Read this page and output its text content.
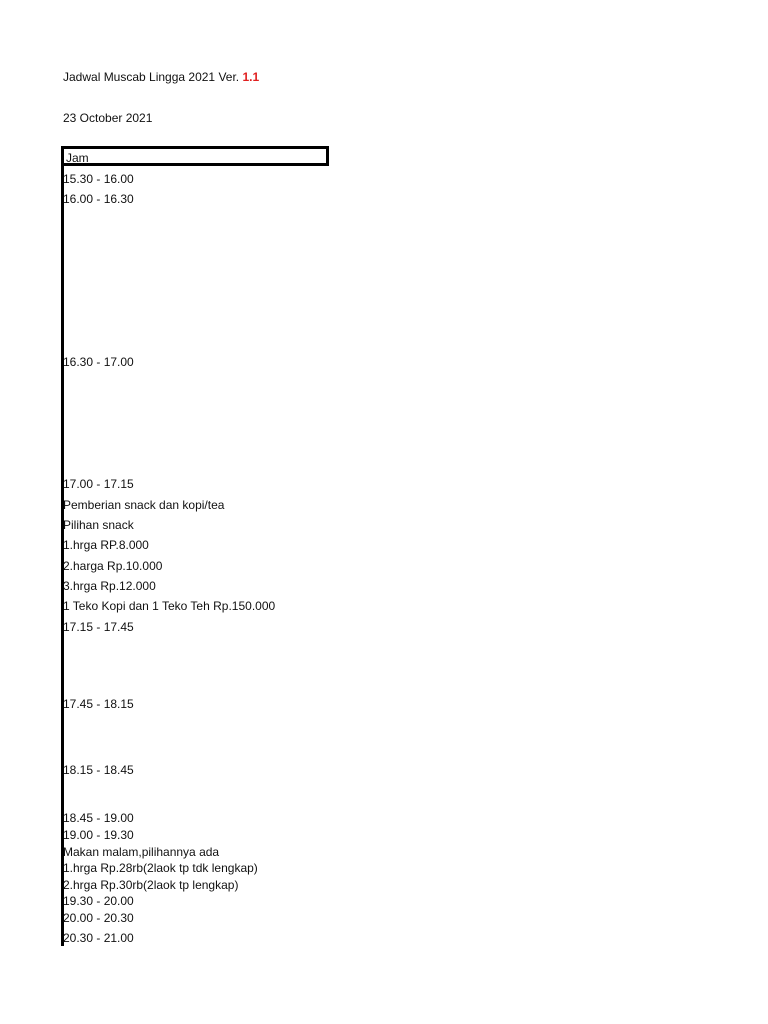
Jadwal Muscab Lingga 2021 Ver. 1.1
23 October 2021
Jam
15.30 - 16.00
16.00 - 16.30
16.30 - 17.00
17.00 - 17.15
Pemberian snack dan kopi/tea
Pilihan snack
1.hrga RP.8.000
2.harga Rp.10.000
3.hrga Rp.12.000
1 Teko Kopi dan 1 Teko Teh Rp.150.000
17.15 - 17.45
17.45 - 18.15
18.15 - 18.45
18.45 - 19.00
19.00 - 19.30
Makan malam,pilihannya ada
1.hrga Rp.28rb(2laok tp tdk lengkap)
2.hrga Rp.30rb(2laok tp lengkap)
19.30 - 20.00
20.00 - 20.30
20.30 - 21.00
